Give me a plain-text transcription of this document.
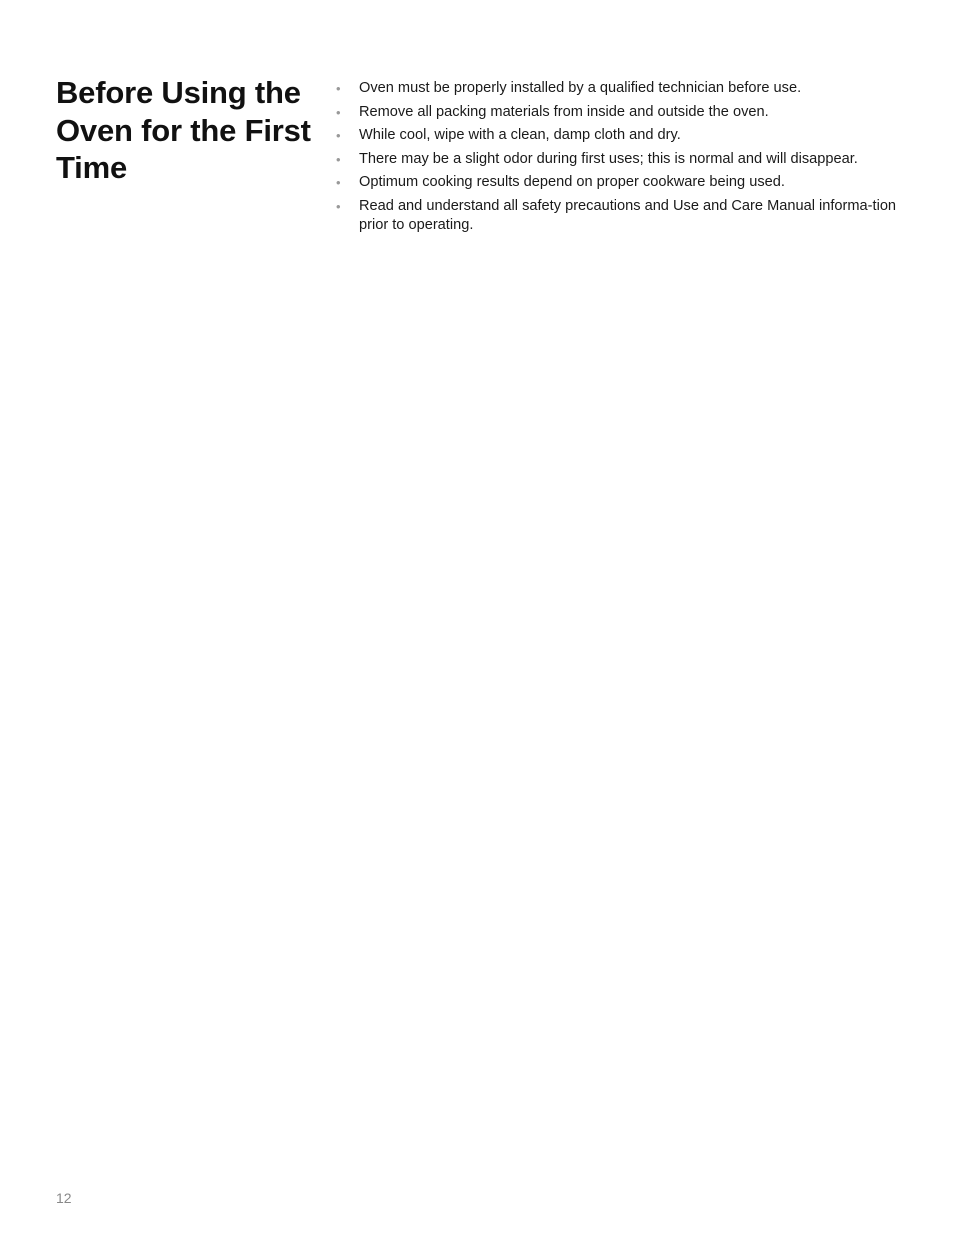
Before Using the Oven for the First Time
• Oven must be properly installed by a qualified technician before use.
• Remove all packing materials from inside and outside the oven.
• While cool, wipe with a clean, damp cloth and dry.
• There may be a slight odor during first uses; this is normal and will disappear.
• Optimum cooking results depend on proper cookware being used.
• Read and understand all safety precautions and Use and Care Manual informa-tion prior to operating.
12
